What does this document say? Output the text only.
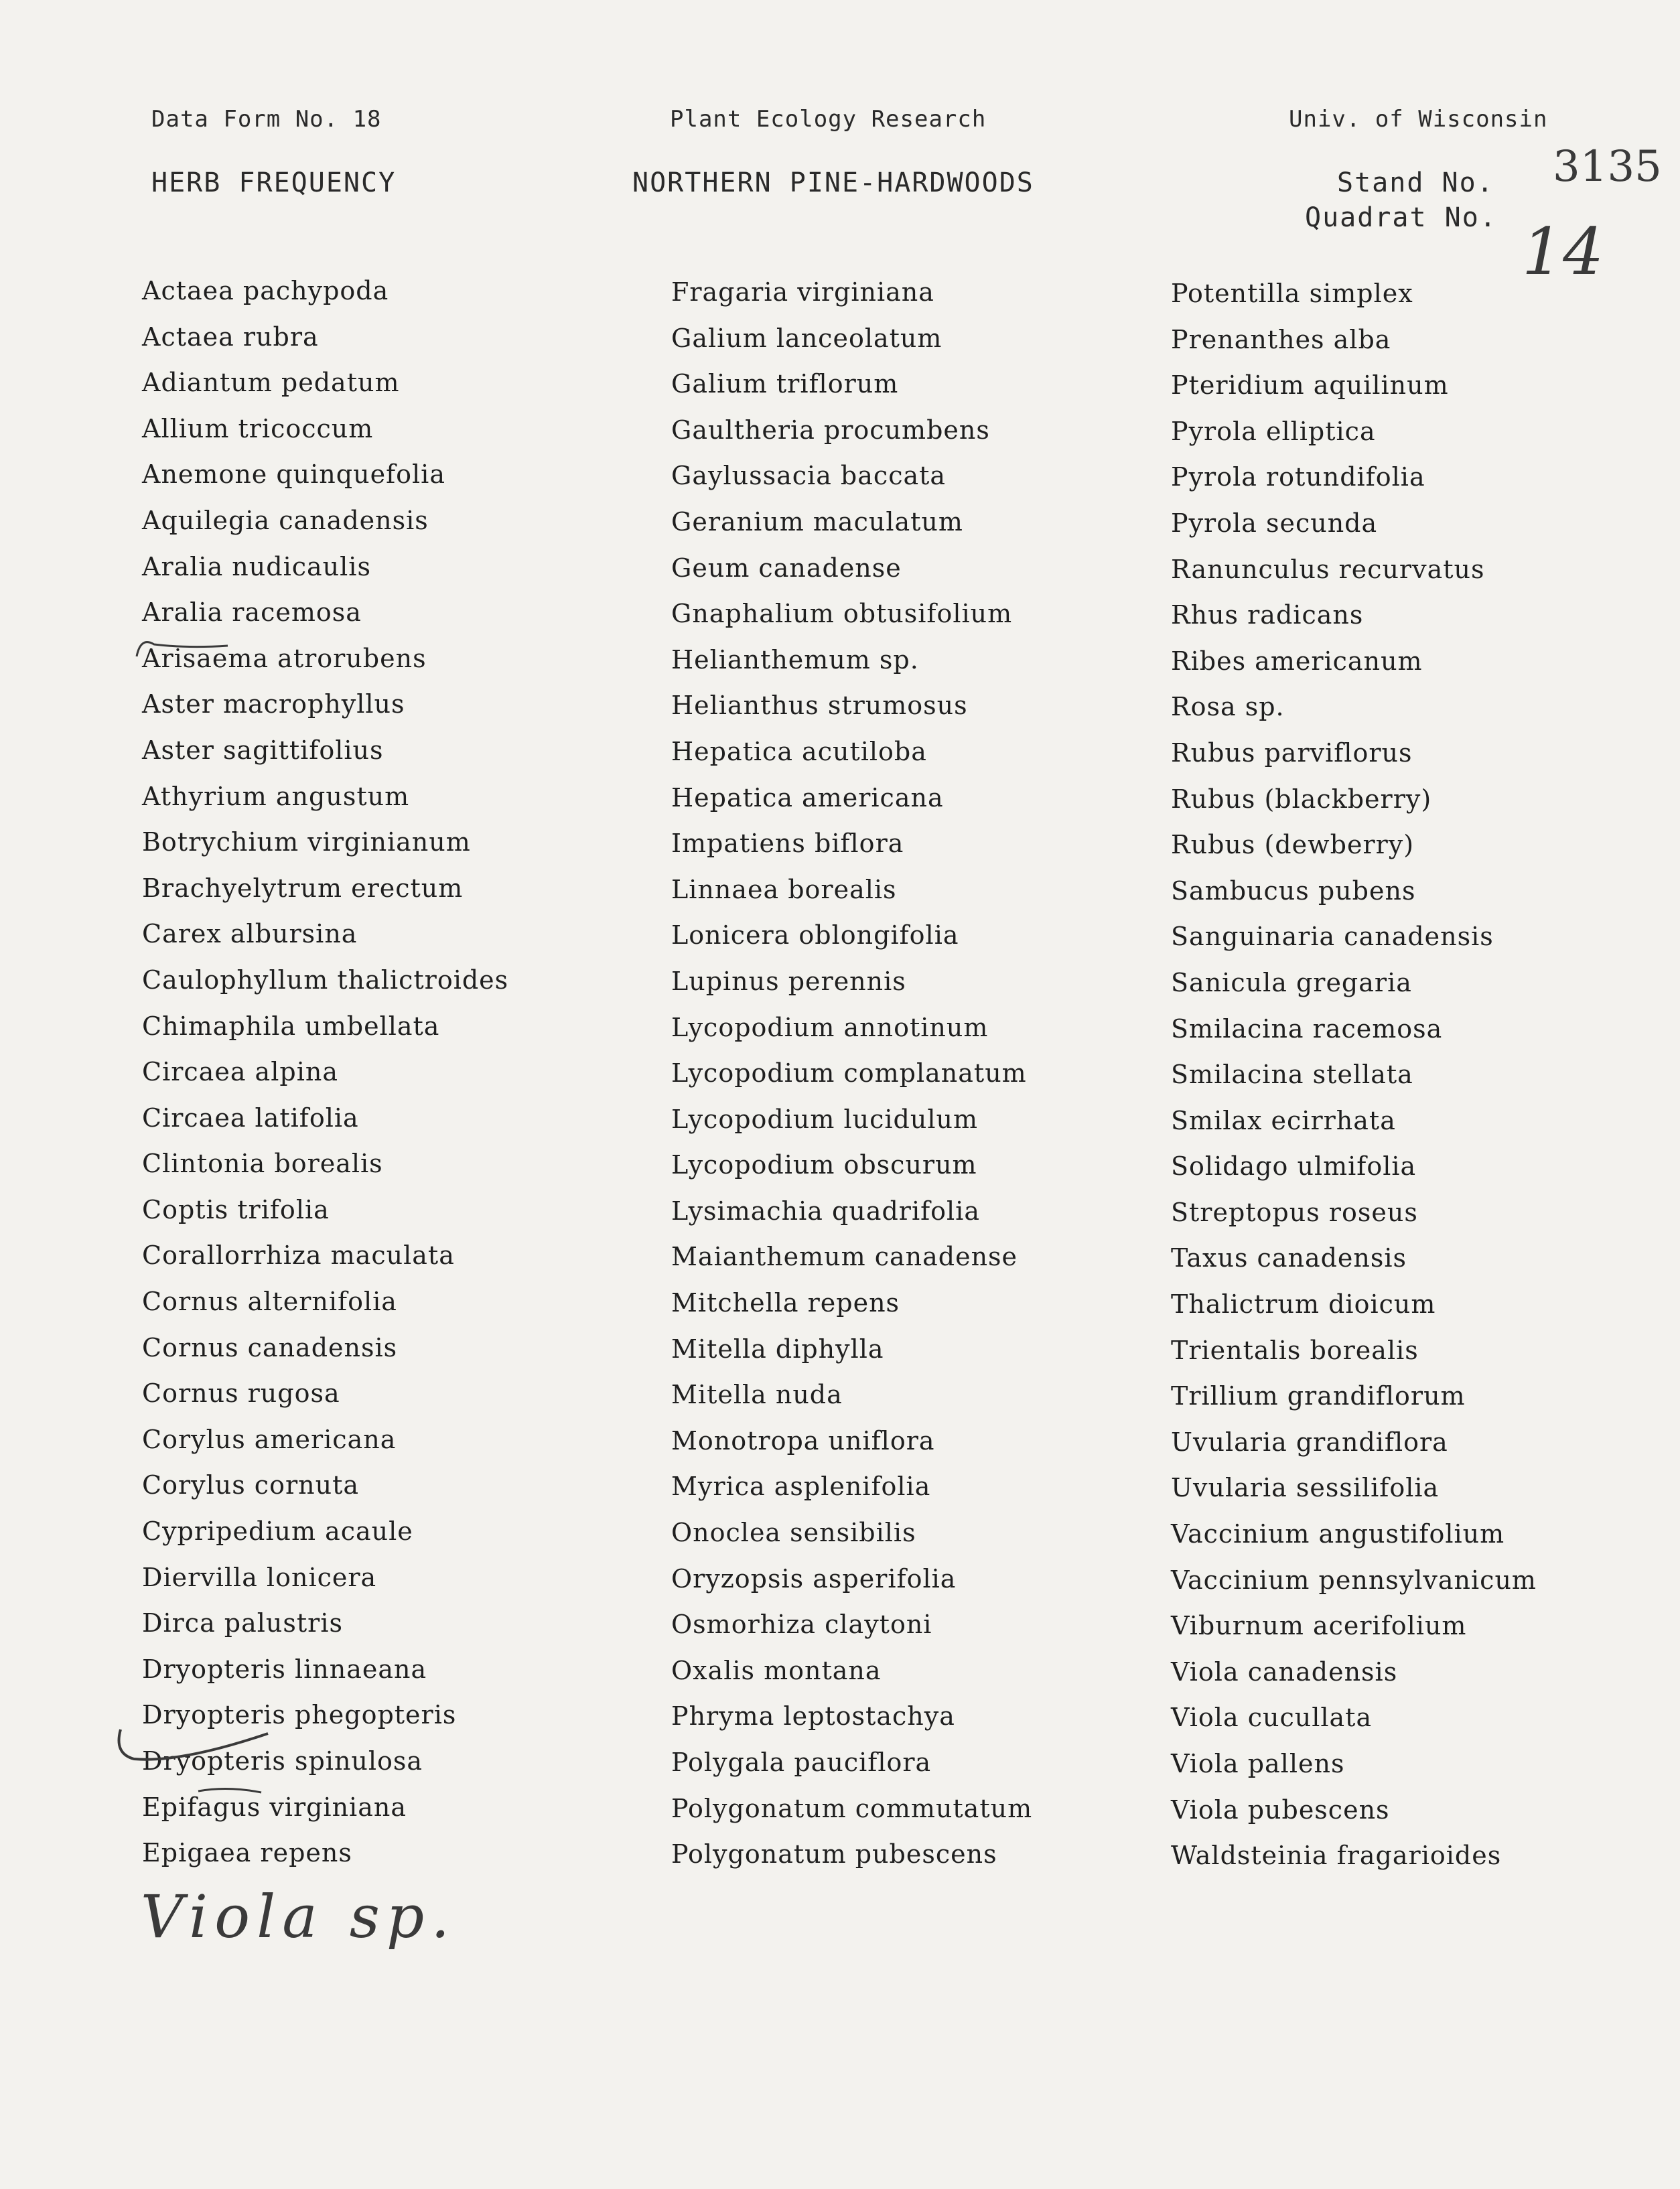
Data Form No. 18	Plant Ecology Research	Univ. of Wisconsin
HERB FREQUENCY	NORTHERN PINE-HARDWOODS	Stand No.
Quadrat No.
3135
14
Actaea pachypoda
Actaea rubra
Adiantum pedatum
Allium tricoccum
Anemone quinquefolia
Aquilegia canadensis
Aralia nudicaulis
Aralia racemosa
Arisaema atrorubens
Aster macrophyllus
Aster sagittifolius
Athyrium angustum
Botrychium virginianum
Brachyelytrum erectum
Carex albursina
Caulophyllum thalictroides
Chimaphila umbellata
Circaea alpina
Circaea latifolia
Clintonia borealis
Coptis trifolia
Corallorrhiza maculata
Cornus alternifolia
Cornus canadensis
Cornus rugosa
Corylus americana
Corylus cornuta
Cypripedium acaule
Diervilla lonicera
Dirca palustris
Dryopteris linnaeana
Dryopteris phegopteris
Dryopteris spinulosa
Epifagus virginiana
Epigaea repens
Fragaria virginiana
Galium lanceolatum
Galium triflorum
Gaultheria procumbens
Gaylussacia baccata
Geranium maculatum
Geum canadense
Gnaphalium obtusifolium
Helianthemum sp.
Helianthus strumosus
Hepatica acutiloba
Hepatica americana
Impatiens biflora
Linnaea borealis
Lonicera oblongifolia
Lupinus perennis
Lycopodium annotinum
Lycopodium complanatum
Lycopodium lucidulum
Lycopodium obscurum
Lysimachia quadrifolia
Maianthemum canadense
Mitchella repens
Mitella diphylla
Mitella nuda
Monotropa uniflora
Myrica asplenifolia
Onoclea sensibilis
Oryzopsis asperifolia
Osmorhiza claytoni
Oxalis montana
Phryma leptostachya
Polygala pauciflora
Polygonatum commutatum
Polygonatum pubescens
Potentilla simplex
Prenanthes alba
Pteridium aquilinum
Pyrola elliptica
Pyrola rotundifolia
Pyrola secunda
Ranunculus recurvatus
Rhus radicans
Ribes americanum
Rosa sp.
Rubus parviflorus
Rubus (blackberry)
Rubus (dewberry)
Sambucus pubens
Sanguinaria canadensis
Sanicula gregaria
Smilacina racemosa
Smilacina stellata
Smilax ecirrhata
Solidago ulmifolia
Streptopus roseus
Taxus canadensis
Thalictrum dioicum
Trientalis borealis
Trillium grandiflorum
Uvularia grandiflora
Uvularia sessilifolia
Vaccinium angustifolium
Vaccinium pennsylvanicum
Viburnum acerifolium
Viola canadensis
Viola cucullata
Viola pallens
Viola pubescens
Waldsteinia fragarioides
Viola sp.
